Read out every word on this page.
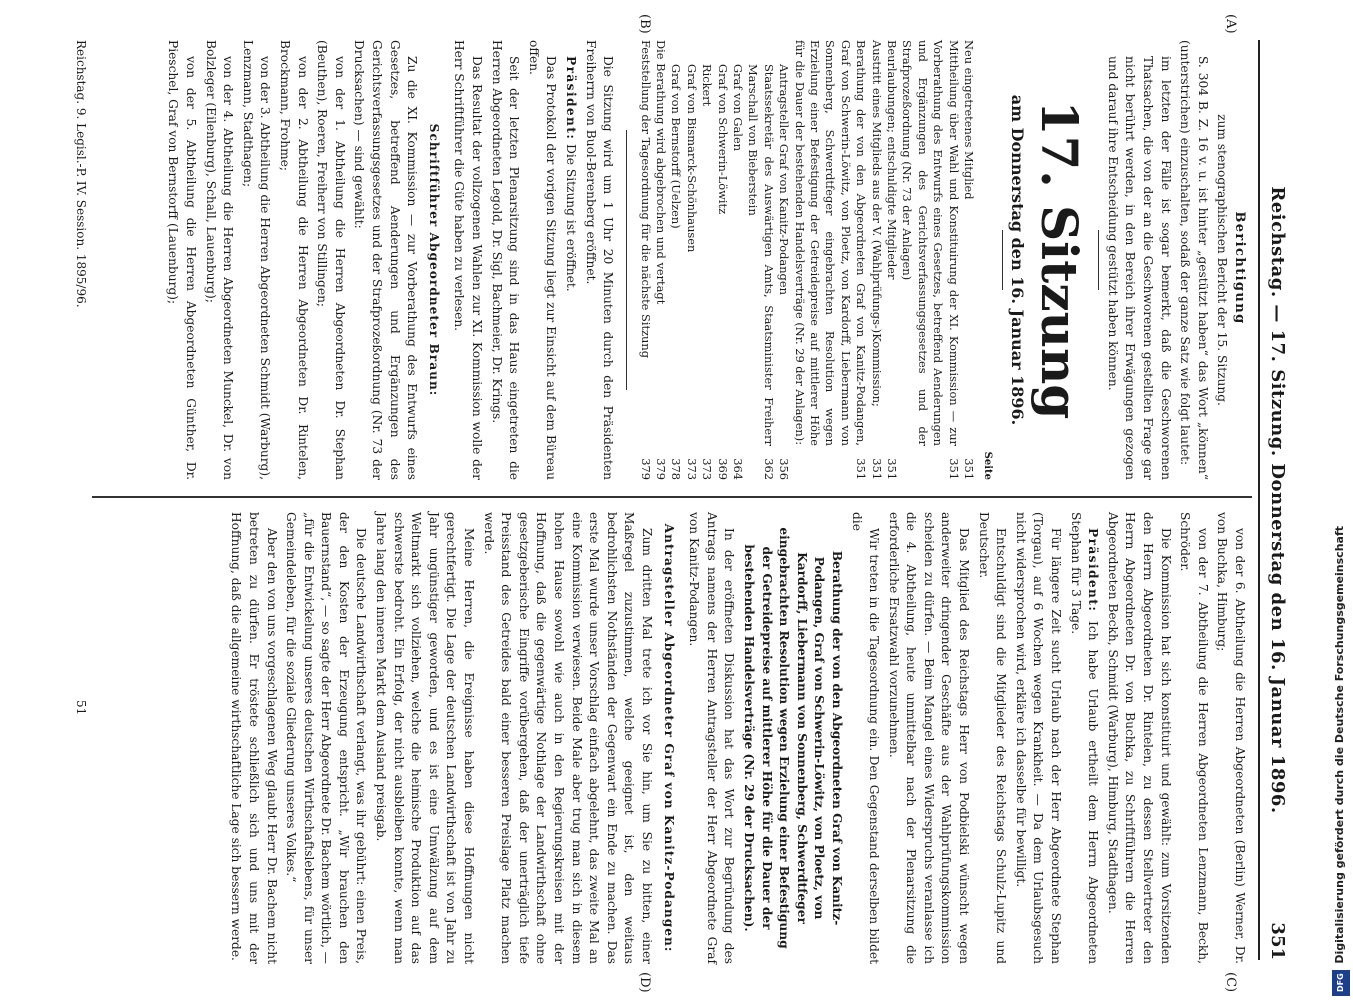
Reichstag. — 17. Sitzung. Donnerstag den 16. Januar 1896.
351
(A)
(B)
(C)
(D)

Berichtigung

zum stenographischen Bericht der 15. Sitzung.

S. 304 B. Z. 16 v. u. ist hinter „gestützt haben“ das Wort „können“ (unterstrichen) einzuschalten, sodaß der ganze Satz wie folgt lautet:

im letzten der Fälle ist sogar bemerkt, daß die Geschworenen Thatsachen, die von der an die Geschworenen gestellten Frage gar nicht berührt werden, in den Bereich ihrer Erwägungen gezogen und darauf ihre Entscheidung gestützt haben können.

17. Sitzung
am Donnerstag den 16. Januar 1896.
Seite
Neu eingetretenes Mitglied
351
Mittheilung über Wahl und Konstituirung der XI. Kommission — zur Vorberathung des Entwurfs eines Gesetzes, betreffend Aenderungen und Ergänzungen des Gerichtsverfassungsgesetzes und der Strafprozeßordnung (Nr. 73 der Anlagen)
351
Beurlaubungen; entschuldigte Mitglieder
351
Austritt eines Mitglieds aus der V. (Wahlprüfungs-)Kommission;
351
Berathung der von den Abgeordneten Graf von Kanitz-Podangen, Graf von Schwerin-Löwitz, von Ploetz, von Kardorff, Liebermann von Sonnenberg, Schwerdtfeger eingebrachten Resolution wegen Erzielung einer Befestigung der Getreidepreise auf mittlerer Höhe für die Dauer der bestehenden Handelsverträge (Nr. 29 der Anlagen):
351
Antragsteller Graf von Kanitz-Podangen
356
Staatssekretär des Auswärtigen Amts, Staatsminister Freiherr Marschall von Bieberstein
362
Graf von Galen
364
Graf von Schwerin-Löwitz
369
Rickert
373
Graf von Bismarck-Schönhausen
373
Graf von Bernstorff (Uelzen)
378
Die Berathung wird abgebrochen und vertagt
379
Feststellung der Tagesordnung für die nächste Sitzung
379

Die Sitzung wird um 1 Uhr 20 Minuten durch den Präsidenten Freiherrn von Buol-Berenberg eröffnet.

Präsident: Die Sitzung ist eröffnet.

Das Protokoll der vorigen Sitzung liegt zur Einsicht auf dem Büreau offen.

Seit der letzten Plenarsitzung sind in das Haus eingetreten die Herren Abgeordneten Legold, Dr. Sigl, Bachmeier, Dr. Krings.

Das Resultat der vollzogenen Wahlen zur XI. Kommission wolle der Herr Schriftführer die Güte haben zu verlesen.

Schriftführer Abgeordneter Braun:

Zu die XI. Kommission — zur Vorberathung des Entwurfs eines Gesetzes, betreffend Aenderungen und Ergänzungen des Gerichtsverfassungsgesetzes und der Strafprozeßordnung (Nr. 73 der Drucksachen) — sind gewählt:

von der 1. Abtheilung die Herren Abgeordneten Dr. Stephan (Beuthen), Roeren, Freiherr von Stillingen;

von der 2. Abtheilung die Herren Abgeordneten Dr. Rintelen, Brockmann, Frohme;

von der 3. Abtheilung die Herren Abgeordneten Schmidt (Warburg), Lenzmann, Stadthagen;

von der 4. Abtheilung die Herren Abgeordneten Munckel, Dr. von Bolzleger (Eilenburg), Schall, Lauenburg);

von der 5. Abtheilung die Herren Abgeordneten Günther, Dr. Pieschel, Graf von Bernstorff (Lauenburg);

von der 6. Abtheilung die Herren Abgeordneten (Berlin) Werner, Dr. von Buchka, Himburg;

von der 7. Abtheilung die Herren Abgeordneten Lenzmann, Beckh, Schröder.

Die Kommission hat sich konstituirt und gewählt: zum Vorsitzenden den Herrn Abgeordneten Dr. Rintelen, zu dessen Stellvertreter den Herrn Abgeordneten Dr. von Buchka, zu Schriftführern die Herren Abgeordneten Beckh, Schmidt (Warburg), Himburg, Stadthagen.

Präsident: Ich habe Urlaub ertheilt dem Herrn Abgeordneten Stephan für 3 Tage.

Für längere Zeit sucht Urlaub nach der Herr Abgeordnete Stephan (Torgau), auf 6 Wochen wegen Krankheit. — Da dem Urlaubsgesuch nicht widersprochen wird, erkläre ich dasselbe für bewilligt.

Entschuldigt sind die Mitglieder des Reichstags Schulz-Lupitz und Deutscher.

Das Mitglied des Reichstags Herr von Podbielski wünscht wegen anderweiter dringender Geschäfte aus der Wahlprüfungskommission scheiden zu dürfen. — Beim Mangel eines Widerspruchs veranlasse ich die 4. Abtheilung, heute unmittelbar nach der Plenarsitzung die erforderliche Ersatzwahl vorzunehmen.

Wir treten in die Tagesordnung ein. Den Gegenstand derselben bildet die

Berathung der von den Abgeordneten Graf von Kanitz-Podangen, Graf von Schwerin-Löwitz, von Ploetz, von Kardorff, Liebermann von Sonnenberg, Schwerdtfeger eingebrachten Resolution wegen Erzielung einer Befestigung der Getreidepreise auf mittlerer Höhe für die Dauer der bestehenden Handelsverträge (Nr. 29 der Drucksachen).

In der eröffneten Diskussion hat das Wort zur Begründung des Antrags namens der Herren Antragsteller der Herr Abgeordnete Graf von Kanitz-Podangen.

Antragsteller Abgeordneter Graf von Kanitz-Podangen:

Zum dritten Mal trete ich vor Sie hin, um Sie zu bitten, einer Maßregel zuzustimmen, welche geeignet ist, den weitaus bedrohlichsten Nothständen der Gegenwart ein Ende zu machen. Das erste Mal wurde unser Vorschlag einfach abgelehnt, das zweite Mal an eine Kommission verwiesen. Beide Male aber trug man sich in diesem hohen Hause sowohl wie auch in den Regierungskreisen mit der Hoffnung, daß die gegenwärtige Nothlage der Landwirthschaft ohne gesetzgeberische Eingriffe vorübergehen, daß der unerträglich tiefe Preisstand des Getreides bald einer besseren Preislage Platz machen werde.

Meine Herren, die Ereignisse haben diese Hoffnungen nicht gerechtfertigt. Die Lage der deutschen Landwirthschaft ist von Jahr zu Jahr ungünstiger geworden, und es ist eine Umwälzung auf dem Weltmarkt sich vollziehen, welche die heimische Produktion auf das schwerste bedroht. Ein Erfolg, der nicht ausbleiben konnte, wenn man Jahre lang den inneren Markt dem Ausland preisgab.

Die deutsche Landwirthschaft verlangt, was ihr gebührt: einen Preis, der den Kosten der Erzeugung entspricht. „Wir brauchen den Bauernstand“, — so sagte der Herr Abgeordnete Dr. Bachem wörtlich, — „für die Entwickelung unseres deutschen Wirthschaftslebens, für unser Gemeindeleben, für die soziale Gliederung unseres Volkes.“

Aber den von uns vorgeschlagenen Weg glaubt Herr Dr. Bachem nicht betreten zu dürfen. Er tröstete schließlich sich und uns mit der Hoffnung, daß die allgemeine wirthschaftliche Lage sich bessern werde.

Reichstag. 9. Legisl.-P. IV. Session. 1895/96.
51	Digitalisierung gefördert durch die Deutsche Forschungsgemeinschaft
DFG
